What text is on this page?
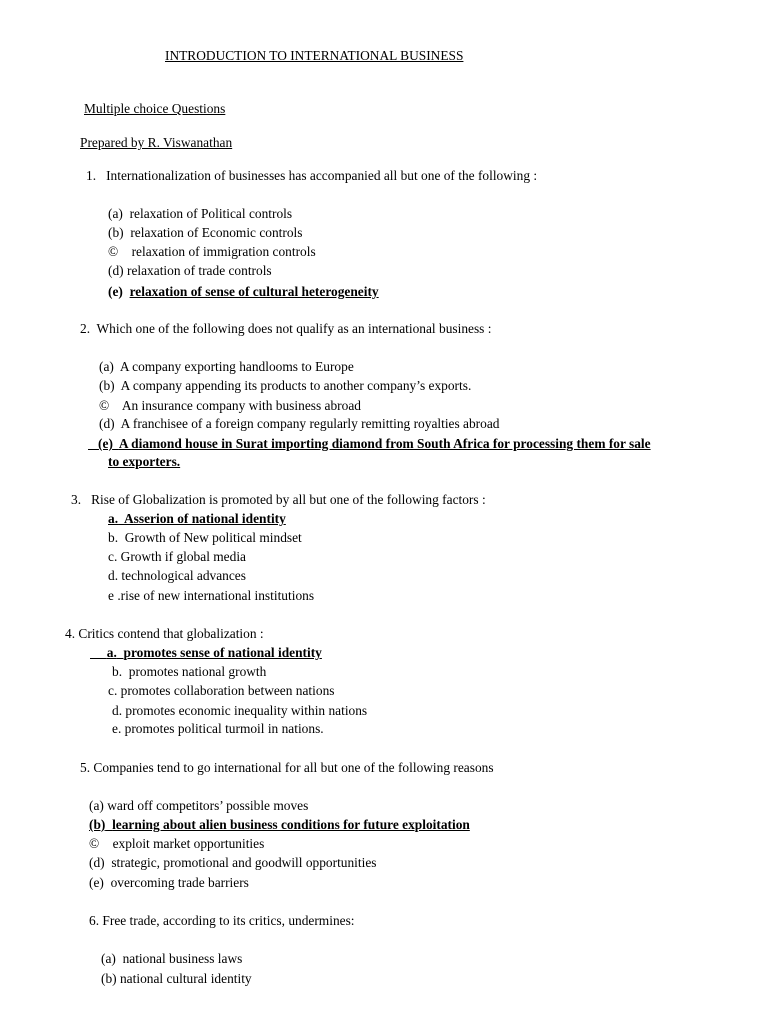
INTRODUCTION TO INTERNATIONAL BUSINESS
Multiple choice Questions
Prepared by R. Viswanathan
1. Internationalization of businesses has accompanied all but one of the following :
(a) relaxation of Political controls
(b) relaxation of Economic controls
© relaxation of immigration controls
(d) relaxation of trade controls
(e) relaxation of sense of cultural heterogeneity
2. Which one of the following does not qualify as an international business :
(a) A company exporting handlooms to Europe
(b) A company appending its products to another company’s exports.
© An insurance company with business abroad
(d) A franchisee of a foreign company regularly remitting royalties abroad
(e) A diamond house in Surat importing diamond from South Africa for processing them for sale
to exporters.
3. Rise of Globalization is promoted by all but one of the following factors :
a. Asserion of national identity
b. Growth of New political mindset
c. Growth if global media
d. technological advances
e .rise of new international institutions
4. Critics contend that globalization :
a. promotes sense of national identity
b. promotes national growth
c. promotes collaboration between nations
d. promotes economic inequality within nations
e. promotes political turmoil in nations.
5. Companies tend to go international for all but one of the following reasons
(a) ward off competitors’ possible moves
(b) learning about alien business conditions for future exploitation
© exploit market opportunities
(d) strategic, promotional and goodwill opportunities
(e) overcoming trade barriers
6. Free trade, according to its critics, undermines:
(a) national business laws
(b) national cultural identity
